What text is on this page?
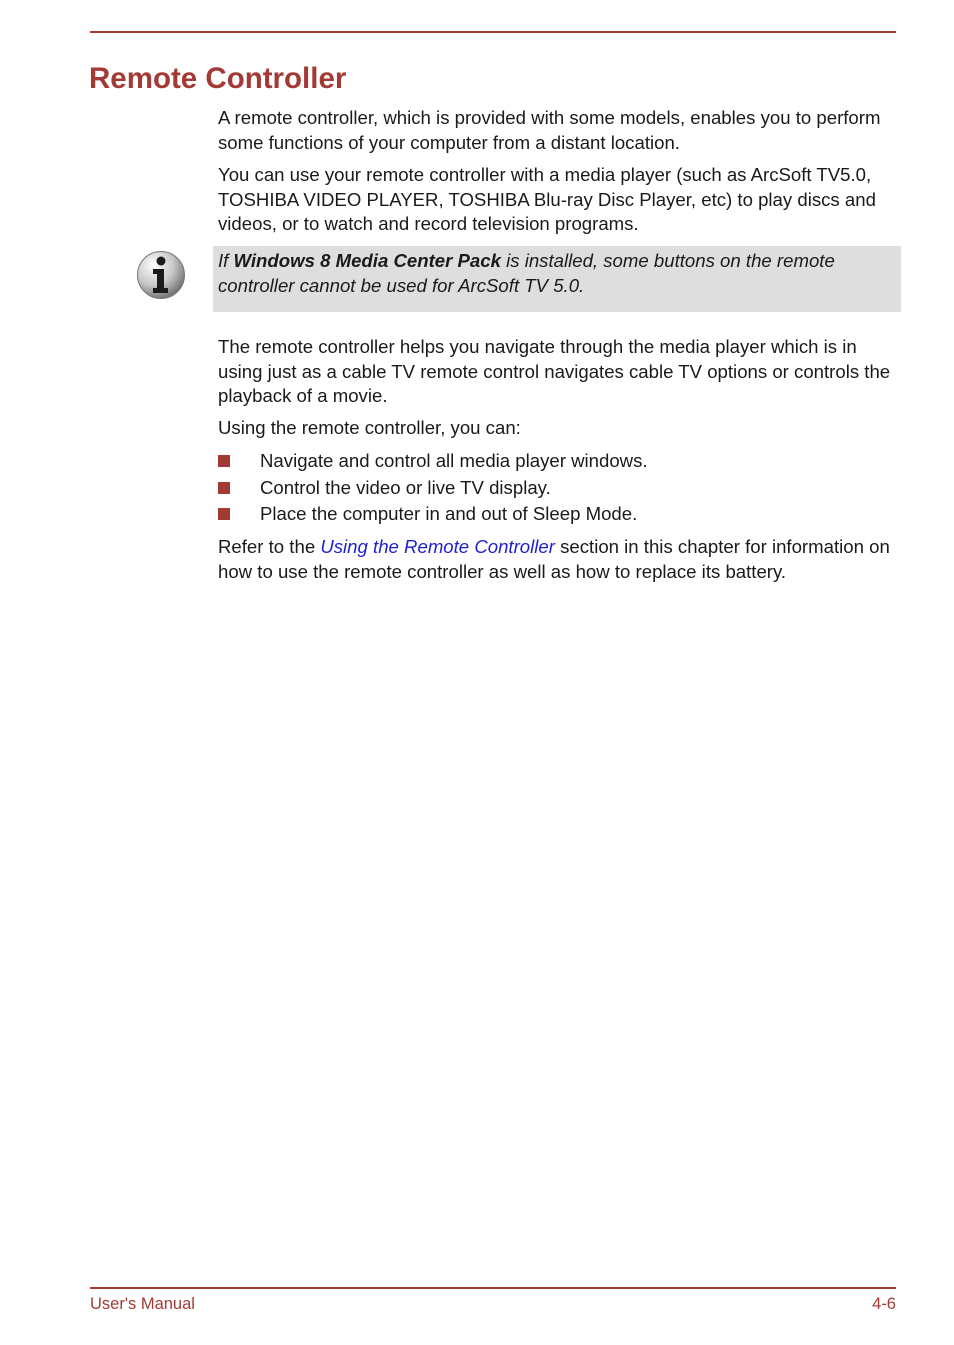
Remote Controller

A remote controller, which is provided with some models, enables you to perform some functions of your computer from a distant location.

You can use your remote controller with a media player (such as ArcSoft TV5.0, TOSHIBA VIDEO PLAYER, TOSHIBA Blu-ray Disc Player, etc) to play discs and videos, or to watch and record television programs.

If Windows 8 Media Center Pack is installed, some buttons on the remote controller cannot be used for ArcSoft TV 5.0.

The remote controller helps you navigate through the media player which is in using just as a cable TV remote control navigates cable TV options or controls the playback of a movie.

Using the remote controller, you can:

Navigate and control all media player windows.
Control the video or live TV display.
Place the computer in and out of Sleep Mode.

Refer to the Using the Remote Controller section in this chapter for information on how to use the remote controller as well as how to replace its battery.

User's Manual	4-6
